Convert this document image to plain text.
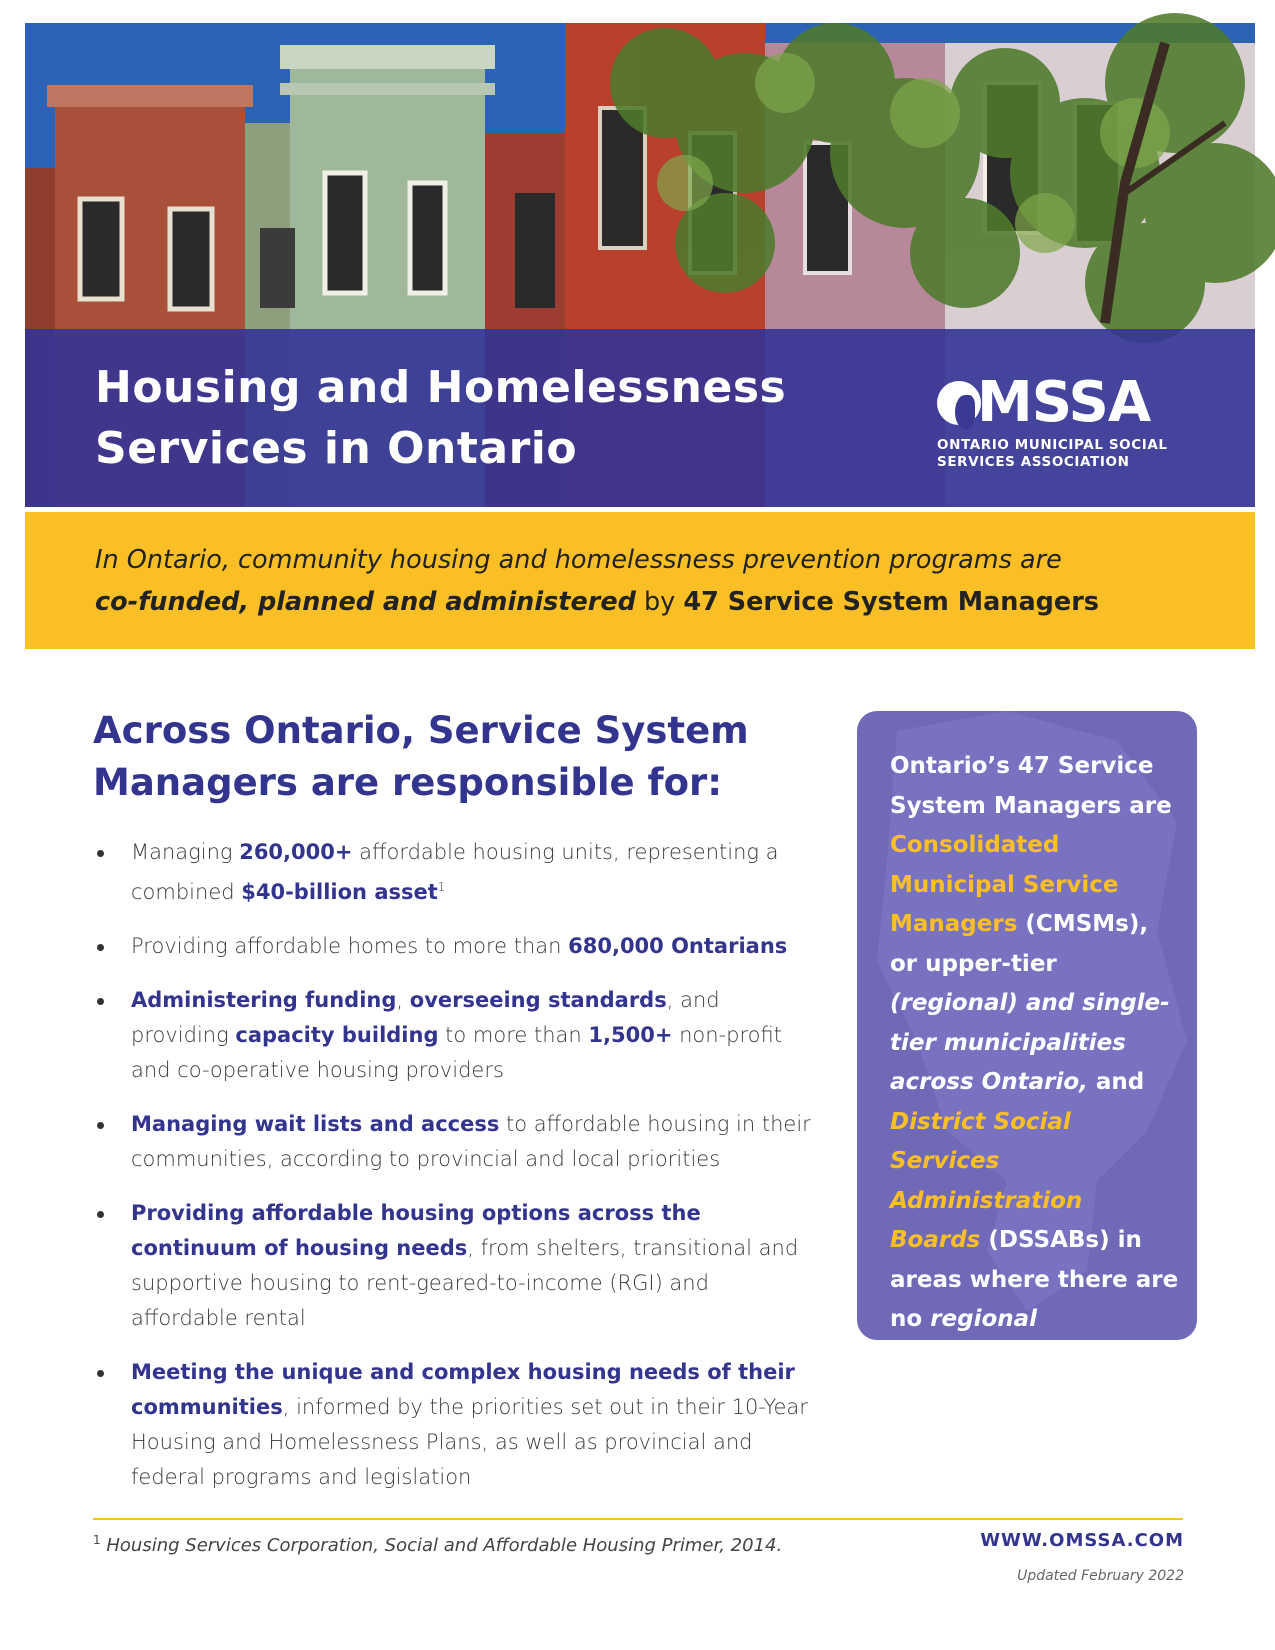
Housing and Homelessness
Services in Ontario
MSSA
ONTARIO MUNICIPAL SOCIAL
SERVICES ASSOCIATION

In Ontario, community housing and homelessness prevention programs are
co-funded, planned and administered by 47 Service System Managers

Across Ontario, Service System
Managers are responsible for:
Managing 260,000+ affordable housing units, representing a combined $40-billion asset$^1$
Providing affordable homes to more than 680,000 Ontarians
Administering funding, overseeing standards, and providing capacity building to more than 1,500+ non-profit and co-operative housing providers
Managing wait lists and access to affordable housing in their communities, according to provincial and local priorities
Providing affordable housing options across the continuum of housing needs, from shelters, transitional and supportive housing to rent-geared-to-income (RGI) and affordable rental
Meeting the unique and complex housing needs of their communities, informed by the priorities set out in their 10-Year Housing and Homelessness Plans, as well as provincial and federal programs and legislation

Ontario’s 47 Service System Managers are Consolidated Municipal Service Managers (CMSMs), or upper-tier (regional) and single-tier municipalities across Ontario, and District Social Services Administration Boards (DSSABs) in areas where there are no regional municipalities in Ontario’s north

$^1$ Housing Services Corporation, Social and Affordable Housing Primer, 2014.	WWW.OMSSA.COM
Updated February 2022
